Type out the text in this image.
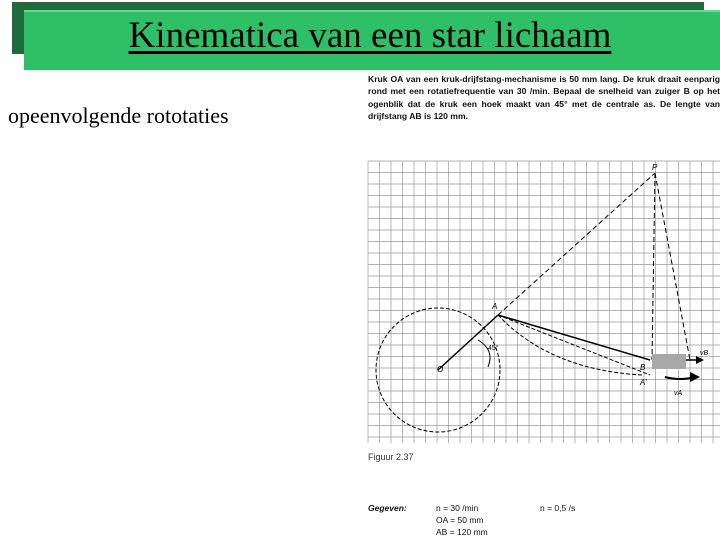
Kinematica van een star lichaam
opeenvolgende rototaties
Kruk OA van een kruk-drijfstang-mechanisme is 50 mm lang. De kruk draait eenparig rond met een rotatiefrequentie van 30 /min. Bepaal de snelheid van zuiger B op het ogenblik dat de kruk een hoek maakt van 45° met de centrale as. De lengte van drijfstang AB is 120 mm.
P
A
O	B
A'
45°
vB
vA
Figuur 2.37
Gegeven:	n = 30 /min	n = 0,5 /s
OA = 50 mm
AB = 120 mm
